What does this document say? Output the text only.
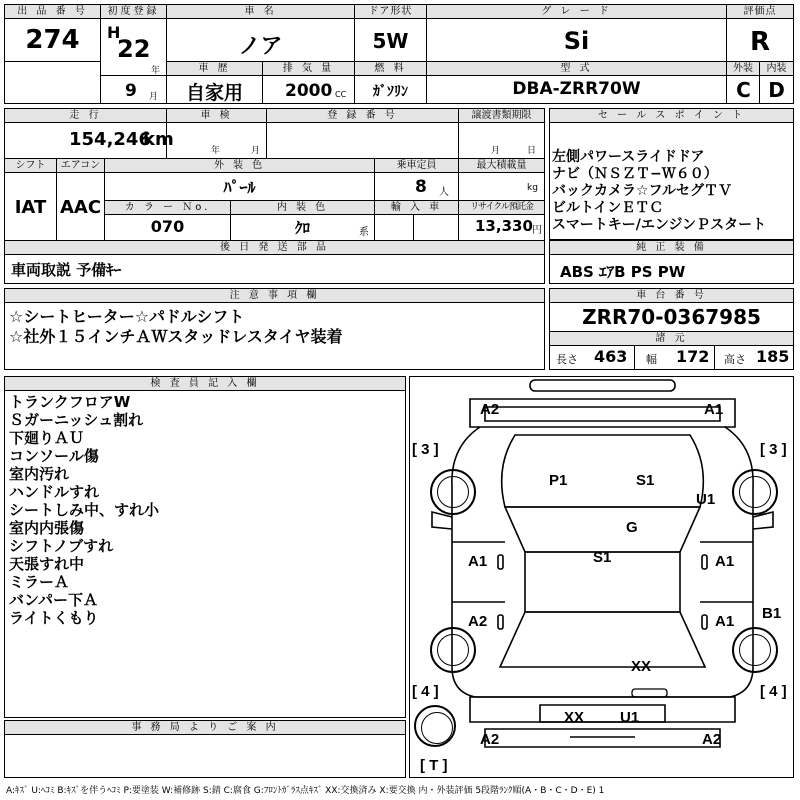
出 品 番 号
274
初度登録
H
22
年
9 月
車 名
ノア
ドア形状
5W
グ レ ー ド
Si
評価点
R
車 歴
自家用
排 気 量
2000 CC
燃 料
ｶﾞｿﾘﾝ
型 式
DBA-ZRR70W
外装	内装
C D
走 行
154,246
km
車 検
年	月
登 録 番 号	譲渡書類期限
月	日
シフト
IAT
エアコン
AAC
外 装 色
ﾊﾟｰﾙ
乗車定員
8 人
最大積載量
kg
カ ラ ー Ｎo.
070
内 装 色
ｸﾛ	系
輸 入 車	リサイクル預託金
13,330 円
後 日 発 送 部 品
車両取説 予備ｷｰ
セ ー ル ス ポ イ ン ト
左側パワースライドドア
ナビ（ＮＳＺＴ−Ｗ６０）
バックカメラ☆フルセグＴＶ
ビルトインＥＴＣ
スマートキー/エンジンＰスタート
純 正 装 備
ABS ｴｱB PS PW
注 意 事 項 欄
☆シートヒーター☆パドルシフト
☆社外１５インチＡＷスタッドレスタイヤ装着
車 台 番 号
ZRR70-0367985
諸 元
長さ 463 幅 172 高さ 185
検 査 員 記 入 欄
トランクフロアW
Ｓガーニッシュ割れ
下廻りＡＵ
コンソール傷
室内汚れ
ハンドルすれ
シートしみ中、すれ小
室内内張傷
シフトノブすれ
天張すれ中
ミラーＡ
バンパー下Ａ
ライトくもり
事 務 局 よ り ご 案 内
[ 3 ]	[ 3 ]
[ 4 ]	[ 4 ]
[ T ]
A2	A1
P1	S1
U1
G
S1
A1	A1
A2	A1 B1
XX
XX U1
A2	A2
A:ｷｽﾞ U:ﾍｺﾐ B:ｷｽﾞを伴うﾍｺﾐ P:要塗装 W:補修跡 S:錆 C:腐食 G:ﾌﾛﾝﾄｶﾞﾗｽ点ｷｽﾞ XX:交換済み X:要交換 内・外装評価 5段階ﾗﾝｸ順(A・B・C・D・E) 1
